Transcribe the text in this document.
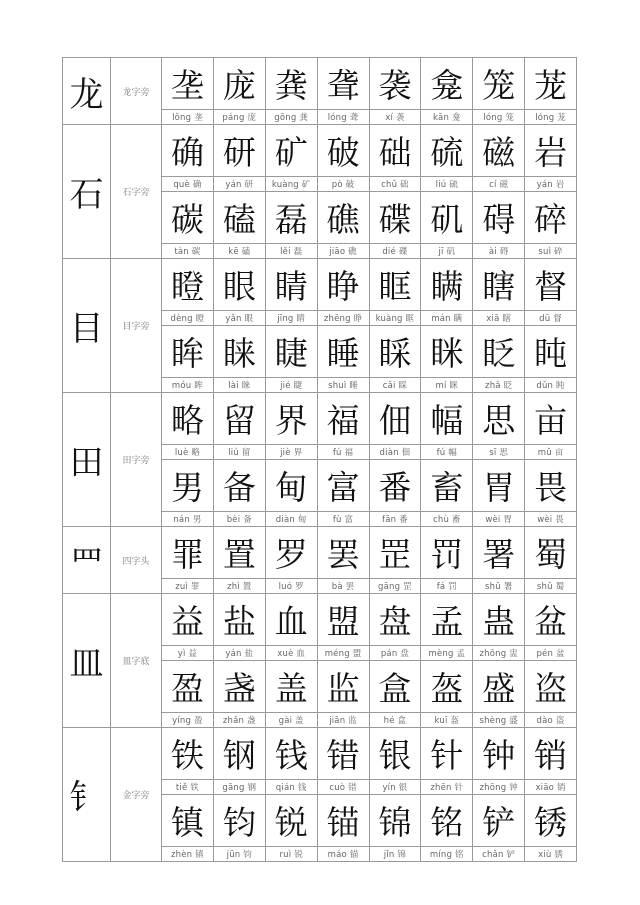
龙	龙字旁	垄	庞	龚	聋	袭	龛	笼	茏
		lǒng 垄	páng 庞	gōng 龚	lóng 聋	xí 袭	kān 龛	lóng 笼	lóng 茏
石	石字旁	确	研	矿	破	础	硫	磁	岩
		què 确	yán 研	kuàng 矿	pò 破	chǔ 础	liú 硫	cí 磁	yán 岩
		碳	磕	磊	礁	碟	矶	碍	碎
		tàn 碳	kē 磕	lěi 磊	jiāo 礁	dié 碟	jī 矶	ài 碍	suì 碎
目	目字旁	瞪	眼	睛	睁	眶	瞒	瞎	督
		dèng 瞪	yǎn 眼	jīng 睛	zhēng 睁	kuàng 眶	mán 瞒	xiā 瞎	dū 督
		眸	睐	睫	睡	睬	眯	眨	盹
		móu 眸	lài 睐	jié 睫	shuì 睡	cǎi 睬	mí 眯	zhǎ 眨	dǔn 盹
田	田字旁	略	留	界	福	佃	幅	思	亩
		luè 略	liú 留	jiè 界	fú 福	diàn 佃	fú 幅	sī 思	mǔ 亩
		男	备	甸	富	番	畜	胃	畏
		nán 男	bèi 备	diàn 甸	fù 富	fān 番	chù 畜	wèi 胃	wèi 畏
罒	四字头	罪	置	罗	罢	罡	罚	署	蜀
		zuì 罪	zhì 置	luó 罗	bà 罢	gāng 罡	fá 罚	shǔ 署	shǔ 蜀
皿	皿字底	益	盐	血	盟	盘	孟	蛊	盆
		yì 益	yán 盐	xuè 血	méng 盟	pán 盘	mèng 孟	zhōng 盅	pén 盆
		盈	盏	盖	监	盒	盔	盛	盗
		yíng 盈	zhǎn 盏	gài 盖	jiān 监	hé 盒	kuī 盔	shèng 盛	dào 盗
钅	金字旁	铁	钢	钱	错	银	针	钟	销
		tiě 铁	gāng 钢	qián 钱	cuò 错	yín 银	zhēn 针	zhōng 钟	xiāo 销
		镇	钧	锐	锚	锦	铭	铲	锈
		zhèn 镇	jūn 钧	ruì 锐	máo 锚	jǐn 锦	míng 铭	chǎn 铲	xiù 锈
